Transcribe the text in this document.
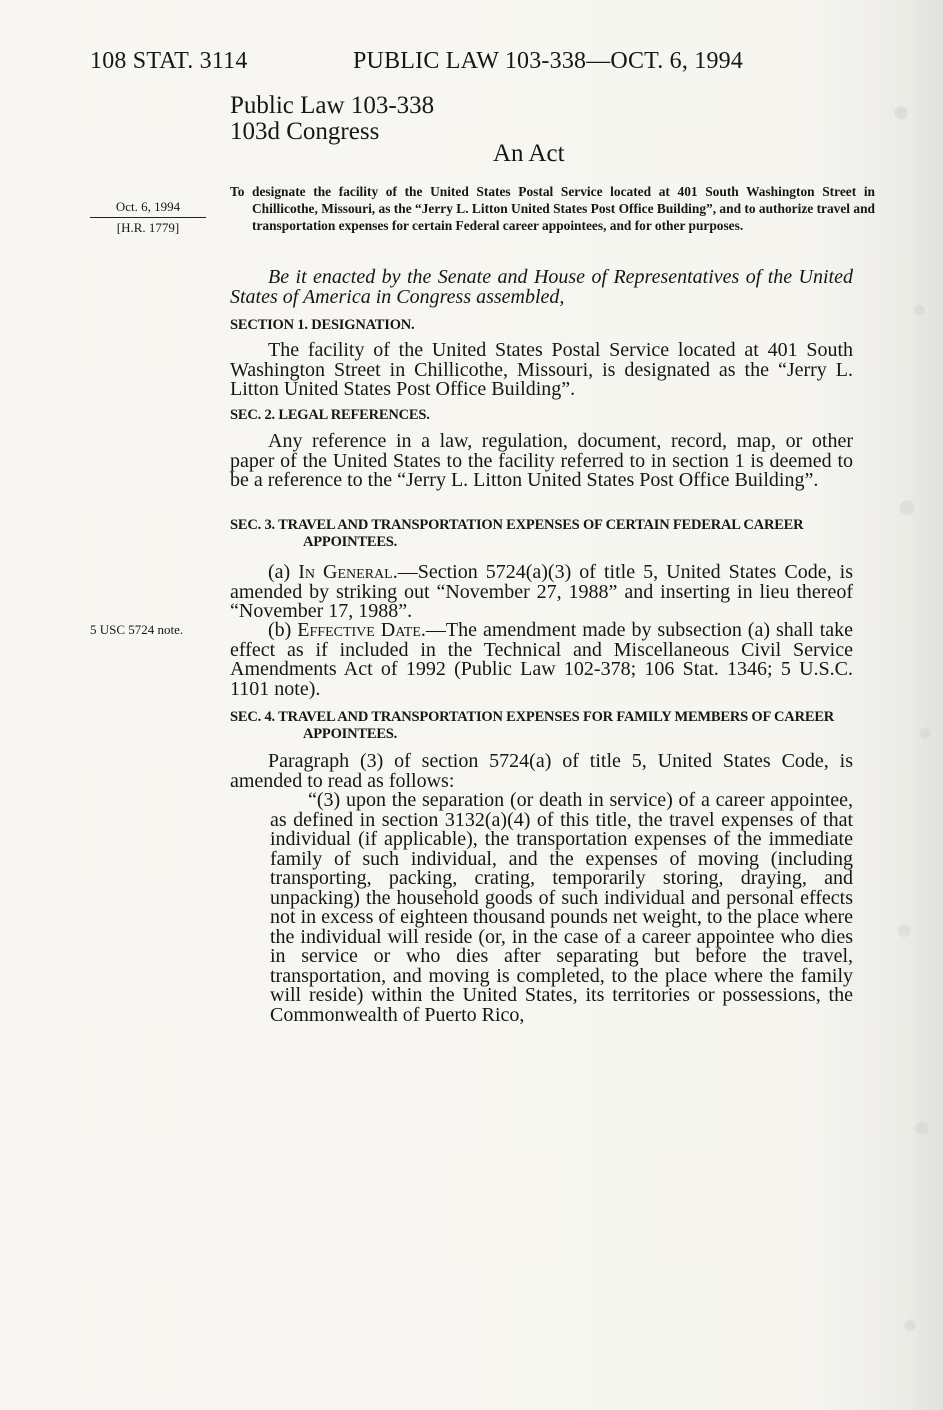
108 STAT. 3114	PUBLIC LAW 103-338—OCT. 6, 1994
Public Law 103-338
103d Congress
An Act
Oct. 6, 1994
[H.R. 1779]
5 USC 5724 note.
To designate the facility of the United States Postal Service located at 401 South Washington Street in Chillicothe, Missouri, as the “Jerry L. Litton United States Post Office Building”, and to authorize travel and transportation expenses for certain Federal career appointees, and for other purposes.
Be it enacted by the Senate and House of Representatives of the United States of America in Congress assembled,
SECTION 1. DESIGNATION.
The facility of the United States Postal Service located at 401 South Washington Street in Chillicothe, Missouri, is designated as the “Jerry L. Litton United States Post Office Building”.
SEC. 2. LEGAL REFERENCES.
Any reference in a law, regulation, document, record, map, or other paper of the United States to the facility referred to in section 1 is deemed to be a reference to the “Jerry L. Litton United States Post Office Building”.
SEC. 3. TRAVEL AND TRANSPORTATION EXPENSES OF CERTAIN FEDERAL CAREER APPOINTEES.
(a) In General.—Section 5724(a)(3) of title 5, United States Code, is amended by striking out “November 27, 1988” and inserting in lieu thereof “November 17, 1988”.
(b) Effective Date.—The amendment made by subsection (a) shall take effect as if included in the Technical and Miscellaneous Civil Service Amendments Act of 1992 (Public Law 102-378; 106 Stat. 1346; 5 U.S.C. 1101 note).
SEC. 4. TRAVEL AND TRANSPORTATION EXPENSES FOR FAMILY MEMBERS OF CAREER APPOINTEES.
Paragraph (3) of section 5724(a) of title 5, United States Code, is amended to read as follows:
“(3) upon the separation (or death in service) of a career appointee, as defined in section 3132(a)(4) of this title, the travel expenses of that individual (if applicable), the transportation expenses of the immediate family of such individual, and the expenses of moving (including transporting, packing, crating, temporarily storing, draying, and unpacking) the household goods of such individual and personal effects not in excess of eighteen thousand pounds net weight, to the place where the individual will reside (or, in the case of a career appointee who dies in service or who dies after separating but before the travel, transportation, and moving is completed, to the place where the family will reside) within the United States, its territories or possessions, the Commonwealth of Puerto Rico,
